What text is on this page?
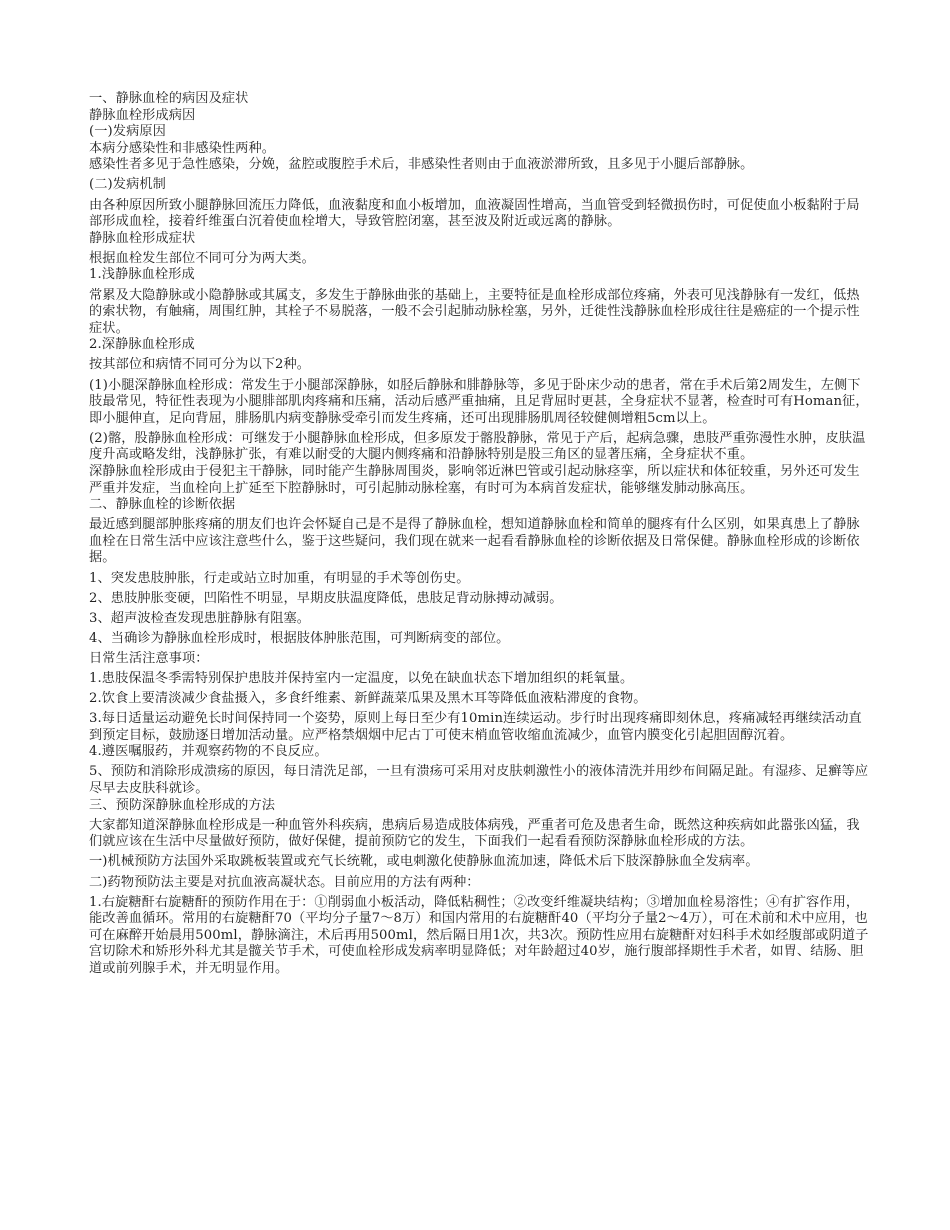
一、静脉血栓的病因及症状

静脉血栓形成病因

(一)发病原因

本病分感染性和非感染性两种。

感染性者多见于急性感染，分娩，盆腔或腹腔手术后，非感染性者则由于血液淤滞所致，且多见于小腿后部静脉。

(二)发病机制

由各种原因所致小腿静脉回流压力降低，血液黏度和血小板增加，血液凝固性增高，当血管受到轻微损伤时，可促使血小板黏附于局部形成血栓，接着纤维蛋白沉着使血栓增大，导致管腔闭塞，甚至波及附近或远离的静脉。

静脉血栓形成症状

根据血栓发生部位不同可分为两大类。

1.浅静脉血栓形成

常累及大隐静脉或小隐静脉或其属支，多发生于静脉曲张的基础上，主要特征是血栓形成部位疼痛，外表可见浅静脉有一发红，低热的索状物，有触痛，周围红肿，其栓子不易脱落，一般不会引起肺动脉栓塞，另外，迁徙性浅静脉血栓形成往往是癌症的一个提示性症状。

2.深静脉血栓形成

按其部位和病情不同可分为以下2种。

(1)小腿深静脉血栓形成：常发生于小腿部深静脉，如胫后静脉和腓静脉等，多见于卧床少动的患者，常在手术后第2周发生，左侧下肢最常见，特征性表现为小腿腓部肌肉疼痛和压痛，活动后感严重抽痛，且足背屈时更甚，全身症状不显著，检查时可有Homan征，即小腿伸直，足向背屈，腓肠肌内病变静脉受牵引而发生疼痛，还可出现腓肠肌周径较健侧增粗5cm以上。

(2)髂，股静脉血栓形成：可继发于小腿静脉血栓形成，但多原发于髂股静脉，常见于产后，起病急骤，患肢严重弥漫性水肿，皮肤温度升高或略发绀，浅静脉扩张，有难以耐受的大腿内侧疼痛和沿静脉特别是股三角区的显著压痛，全身症状不重。

深静脉血栓形成由于侵犯主干静脉，同时能产生静脉周围炎，影响邻近淋巴管或引起动脉痉挛，所以症状和体征较重，另外还可发生严重并发症，当血栓向上扩延至下腔静脉时，可引起肺动脉栓塞，有时可为本病首发症状，能够继发肺动脉高压。

二、静脉血栓的诊断依据

最近感到腿部肿胀疼痛的朋友们也许会怀疑自己是不是得了静脉血栓，想知道静脉血栓和简单的腿疼有什么区别，如果真患上了静脉血栓在日常生活中应该注意些什么，鉴于这些疑问，我们现在就来一起看看静脉血栓的诊断依据及日常保健。静脉血栓形成的诊断依据。

1、突发患肢肿胀，行走或站立时加重，有明显的手术等创伤史。

2、患肢肿胀变硬，凹陷性不明显，早期皮肤温度降低，患肢足背动脉搏动减弱。

3、超声波检查发现患脏静脉有阻塞。

4、当确诊为静脉血栓形成时，根据肢体肿胀范围，可判断病变的部位。

日常生活注意事项：

1.患肢保温冬季需特别保护患肢并保持室内一定温度，以免在缺血状态下增加组织的耗氧量。

2.饮食上要清淡减少食盐摄入，多食纤维素、新鲜蔬菜瓜果及黑木耳等降低血液粘滞度的食物。

3.每日适量运动避免长时间保持同一个姿势，原则上每日至少有10min连续运动。步行时出现疼痛即刻休息，疼痛减轻再继续活动直到预定目标，鼓励逐日增加活动量。应严格禁烟烟中尼古丁可使末梢血管收缩血流减少，血管内膜变化引起胆固醇沉着。

4.遵医嘱服药，并观察药物的不良反应。

5、预防和消除形成溃疡的原因，每日清洗足部，一旦有溃疡可采用对皮肤刺激性小的液体清洗并用纱布间隔足趾。有湿疹、足癣等应尽早去皮肤科就诊。

三、预防深静脉血栓形成的方法

大家都知道深静脉血栓形成是一种血管外科疾病，患病后易造成肢体病残，严重者可危及患者生命，既然这种疾病如此嚣张凶猛，我们就应该在生活中尽量做好预防，做好保健，提前预防它的发生，下面我们一起看看预防深静脉血栓形成的方法。

一)机械预防方法国外采取跳板装置或充气长统靴，或电刺激化使静脉血流加速，降低术后下肢深静脉血全发病率。

二)药物预防法主要是对抗血液高凝状态。目前应用的方法有两种：

1.右旋糖酐右旋糖酐的预防作用在于：①削弱血小板活动，降低粘稠性；②改变纤维凝块结构；③增加血栓易溶性；④有扩容作用，能改善血循环。常用的右旋糖酐70（平均分子量7～8万）和国内常用的右旋糖酐40（平均分子量2～4万），可在术前和术中应用，也可在麻醉开始晨用500ml，静脉滴注，术后再用500ml，然后隔日用1次，共3次。预防性应用右旋糖酐对妇科手术如经腹部或阴道子宫切除术和矫形外科尤其是髋关节手术，可使血栓形成发病率明显降低；对年龄超过40岁，施行腹部择期性手术者，如胃、结肠、胆道或前列腺手术，并无明显作用。
